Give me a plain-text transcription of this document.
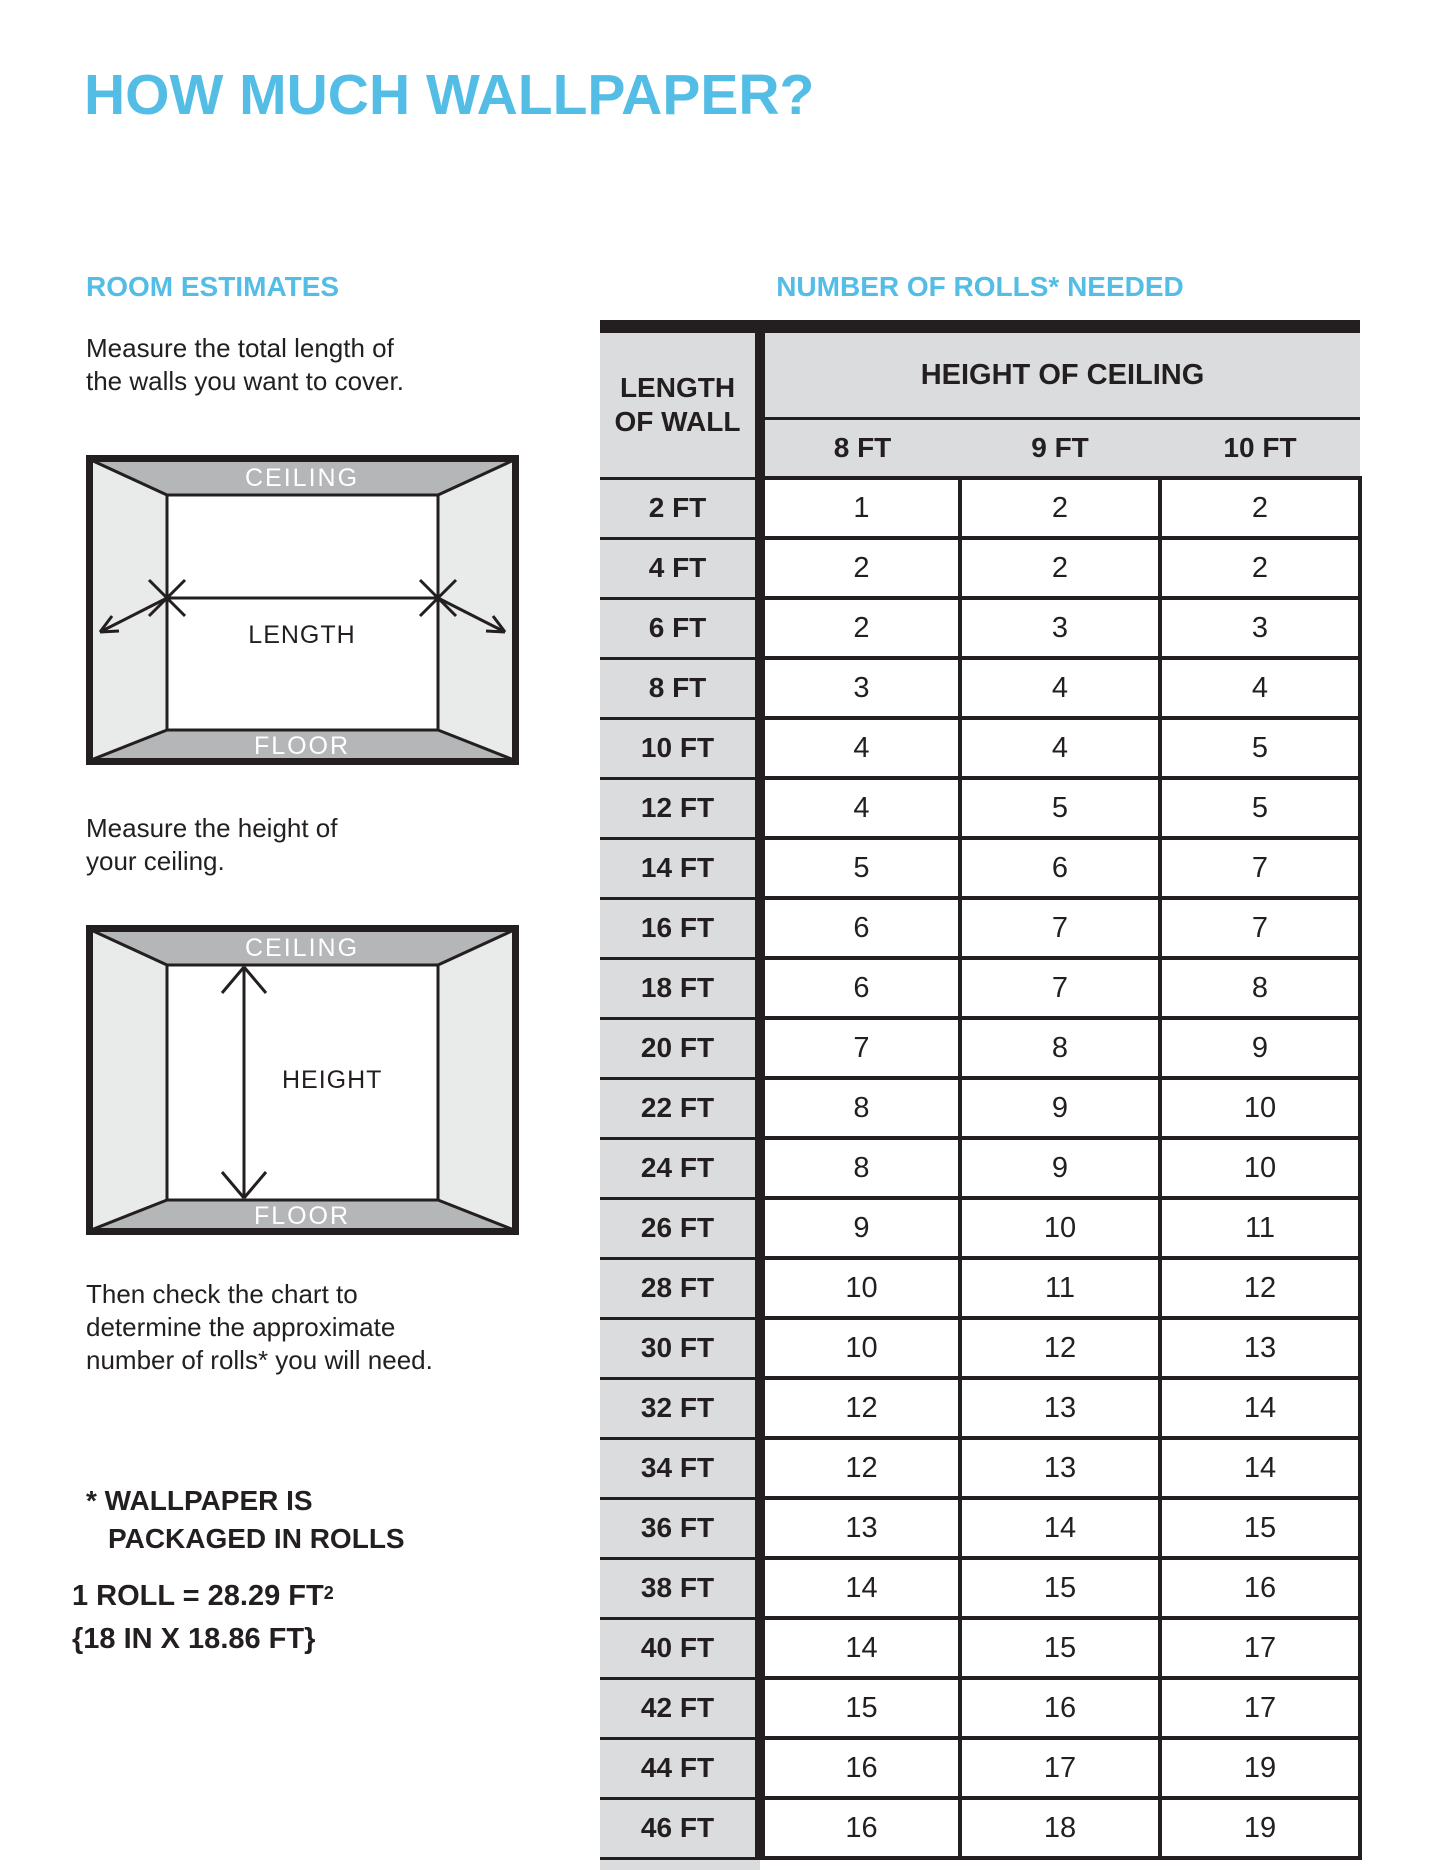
HOW MUCH WALLPAPER?
ROOM ESTIMATES
Measure the total length of
the walls you want to cover.
CEILING
FLOOR
LENGTH
Measure the height of
your ceiling.
CEILING
FLOOR
HEIGHT
Then check the chart to
determine the approximate
number of rolls* you will need.
* WALLPAPER IS
PACKAGED IN ROLLS
1 ROLL = 28.29 $FT^2$
{18 IN X 18.86 FT}
NUMBER OF ROLLS* NEEDED
LENGTH
OF WALL	HEIGHT OF CEILING		
	8 FT	9 FT	10 FT
2 FT	1	2	2
4 FT	2	2	2
6 FT	2	3	3
8 FT	3	4	4
10 FT	4	4	5
12 FT	4	5	5
14 FT	5	6	7
16 FT	6	7	7
18 FT	6	7	8
20 FT	7	8	9
22 FT	8	9	10
24 FT	8	9	10
26 FT	9	10	11
28 FT	10	11	12
30 FT	10	12	13
32 FT	12	13	14
34 FT	12	13	14
36 FT	13	14	15
38 FT	14	15	16
40 FT	14	15	17
42 FT	15	16	17
44 FT	16	17	19
46 FT	16	18	19
